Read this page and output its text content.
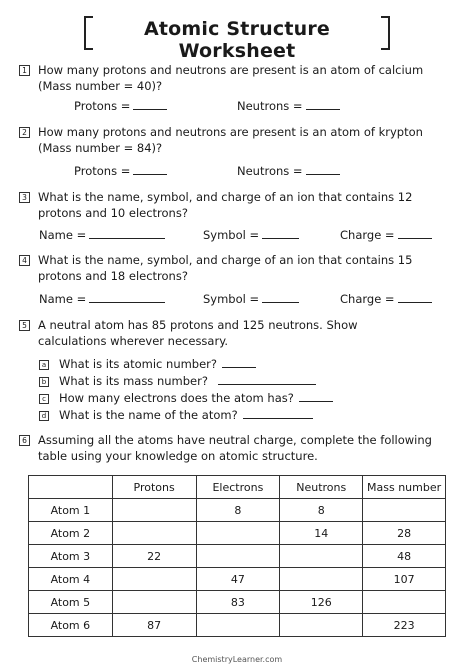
Atomic Structure Worksheet
1 How many protons and neutrons are present is an atom of calcium (Mass number = 40)?
Protons =	Neutrons =
2 How many protons and neutrons are present is an atom of krypton (Mass number = 84)?
Protons =	Neutrons =
3 What is the name, symbol, and charge of an ion that contains 12 protons and 10 electrons?
Name =	Symbol =	Charge =
4 What is the name, symbol, and charge of an ion that contains 15 protons and 18 electrons?
Name =	Symbol =	Charge =
5 A neutral atom has 85 protons and 125 neutrons. Show calculations wherever necessary.
a What is its atomic number?
b What is its mass number?
c How many electrons does the atom has?
d What is the name of the atom?
6 Assuming all the atoms have neutral charge, complete the following table using your knowledge on atomic structure.
	Protons	Electrons	Neutrons	Mass number
Atom 1		8	8	
Atom 2			14	28
Atom 3	22			48
Atom 4		47		107
Atom 5		83	126	
Atom 6	87			223
ChemistryLearner.com
